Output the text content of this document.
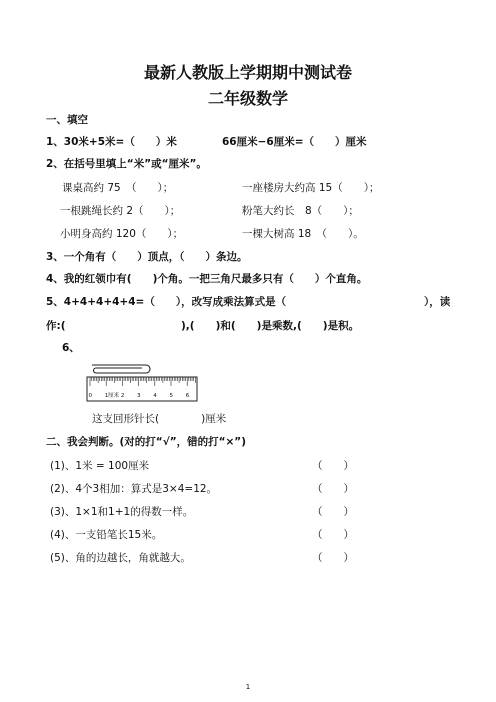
最新人教版上学期期中测试卷
二年级数学
一、填空
1、30米+5米=（　　）米	66厘米−6厘米=（　　）厘米
2、在括号里填上“米”或“厘米”。
课桌高约 75　（　　）；	一座楼房大约高 15（　　）；
一根跳绳长约 2（　　）；	粉笔大约长　8（　　）；
小明身高约 120（　　）；	一棵大树高 18　（　　）。
3、一个角有（　　）顶点，（　　）条边。
4、我的红领巾有(　　)个角。一把三角尺最多只有（　　）个直角。
5、4+4+4+4+4=（　　），改写成乘法算式是（	），读
作:(　　　　　　　　　　　),(　　)和(　　)是乘数,(　　)是积。
6、
0 1厘米 2 3 4 5 6
这支回形针长(　　　　)厘米
二、我会判断。(对的打“√”，错的打“×”)
(1)、1米 = 100厘米	（　　）
(2)、4个3相加：算式是3×4=12。	（　　）
(3)、1×1和1+1的得数一样。	（　　）
(4)、一支铅笔长15米。	（　　）
(5)、角的边越长，角就越大。	（　　）
1
